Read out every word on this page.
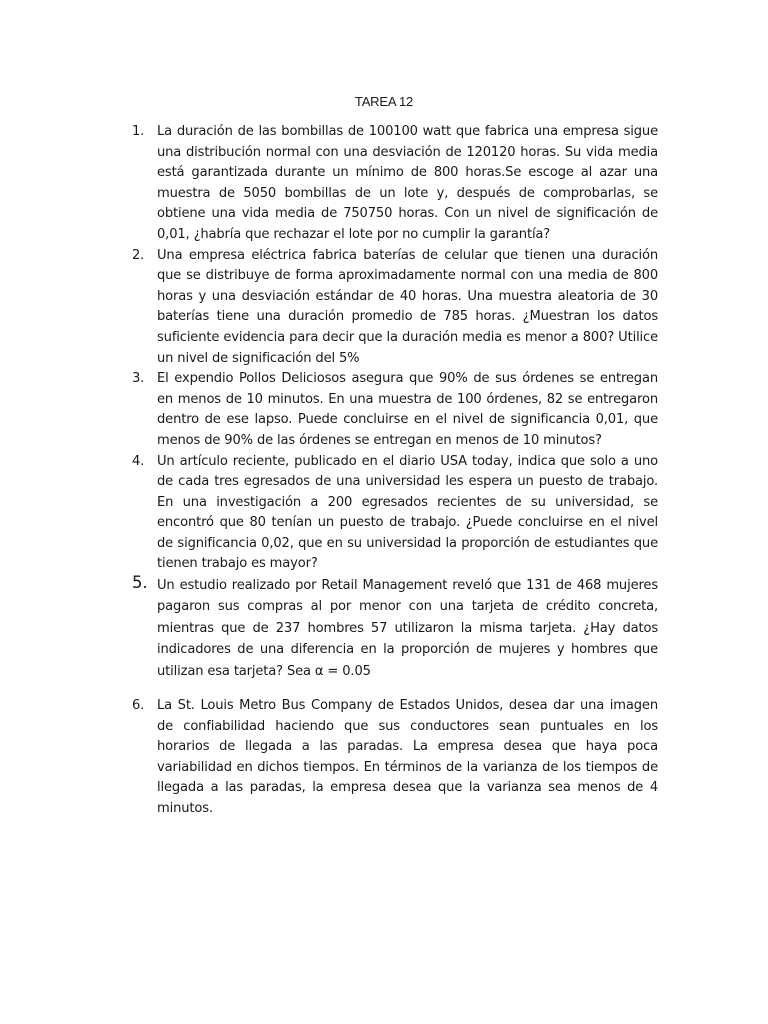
TAREA 12
1. La duración de las bombillas de 100100 watt que fabrica una empresa sigue una distribución normal con una desviación de 120120 horas. Su vida media está garantizada durante un mínimo de 800 horas.Se escoge al azar una muestra de 5050 bombillas de un lote y, después de comprobarlas, se obtiene una vida media de 750750 horas. Con un nivel de significación de 0,01, ¿habría que rechazar el lote por no cumplir la garantía?
2. Una empresa eléctrica fabrica baterías de celular que tienen una duración que se distribuye de forma aproximadamente normal con una media de 800 horas y una desviación estándar de 40 horas. Una muestra aleatoria de 30 baterías tiene una duración promedio de 785 horas. ¿Muestran los datos suficiente evidencia para decir que la duración media es menor a 800? Utilice un nivel de significación del 5%
3. El expendio Pollos Deliciosos asegura que 90% de sus órdenes se entregan en menos de 10 minutos. En una muestra de 100 órdenes, 82 se entregaron dentro de ese lapso. Puede concluirse en el nivel de significancia 0,01, que menos de 90% de las órdenes se entregan en menos de 10 minutos?
4. Un artículo reciente, publicado en el diario USA today, indica que solo a uno de cada tres egresados de una universidad les espera un puesto de trabajo. En una investigación a 200 egresados recientes de su universidad, se encontró que 80 tenían un puesto de trabajo. ¿Puede concluirse en el nivel de significancia 0,02, que en su universidad la proporción de estudiantes que tienen trabajo es mayor?
5. Un estudio realizado por Retail Management reveló que 131 de 468 mujeres pagaron sus compras al por menor con una tarjeta de crédito concreta, mientras que de 237 hombres 57 utilizaron la misma tarjeta. ¿Hay datos indicadores de una diferencia en la proporción de mujeres y hombres que utilizan esa tarjeta? Sea α = 0.05
6. La St. Louis Metro Bus Company de Estados Unidos, desea dar una imagen de confiabilidad haciendo que sus conductores sean puntuales en los horarios de llegada a las paradas. La empresa desea que haya poca variabilidad en dichos tiempos. En términos de la varianza de los tiempos de llegada a las paradas, la empresa desea que la varianza sea menos de 4 minutos.
